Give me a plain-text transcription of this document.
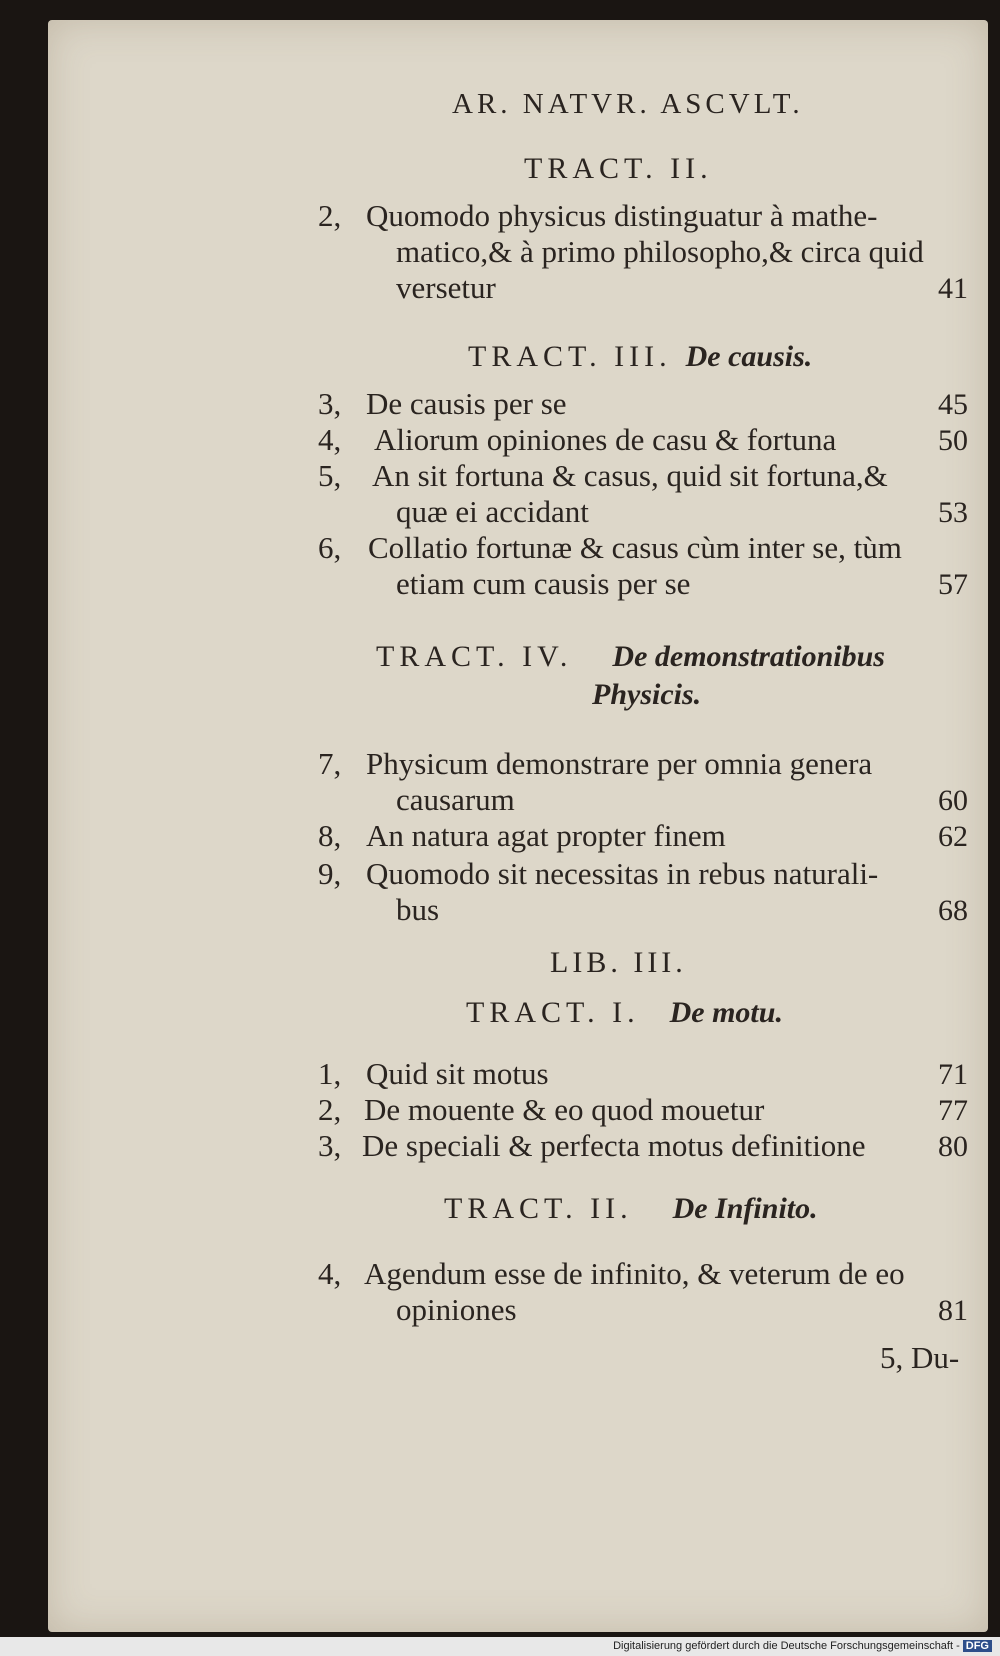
AR. NATVR. ASCVLT.
TRACT. II.
2, Quomodo physicus distinguatur à mathe-
matico,& à primo philosopho,& circa quid
versetur	41
TRACT. III. De causis.
3, De causis per se	45
4, Aliorum opiniones de casu & fortuna	50
5, An sit fortuna & casus, quid sit fortuna,&
quæ ei accidant	53
6, Collatio fortunæ & casus cùm inter se, tùm
etiam cum causis per se	57
TRACT. IV. De demonstrationibus
Physicis.
7, Physicum demonstrare per omnia genera
causarum	60
8, An natura agat propter finem	62
9, Quomodo sit necessitas in rebus naturali-
bus	68
LIB. III.
TRACT. I. De motu.
1, Quid sit motus	71
2, De mouente & eo quod mouetur	77
3, De speciali & perfecta motus definitione 80
TRACT. II. De Infinito.
4, Agendum esse de infinito, & veterum de eo
opiniones	81
5, Du-
Digitalisierung gefördert durch die Deutsche Forschungsgemeinschaft - DFG
